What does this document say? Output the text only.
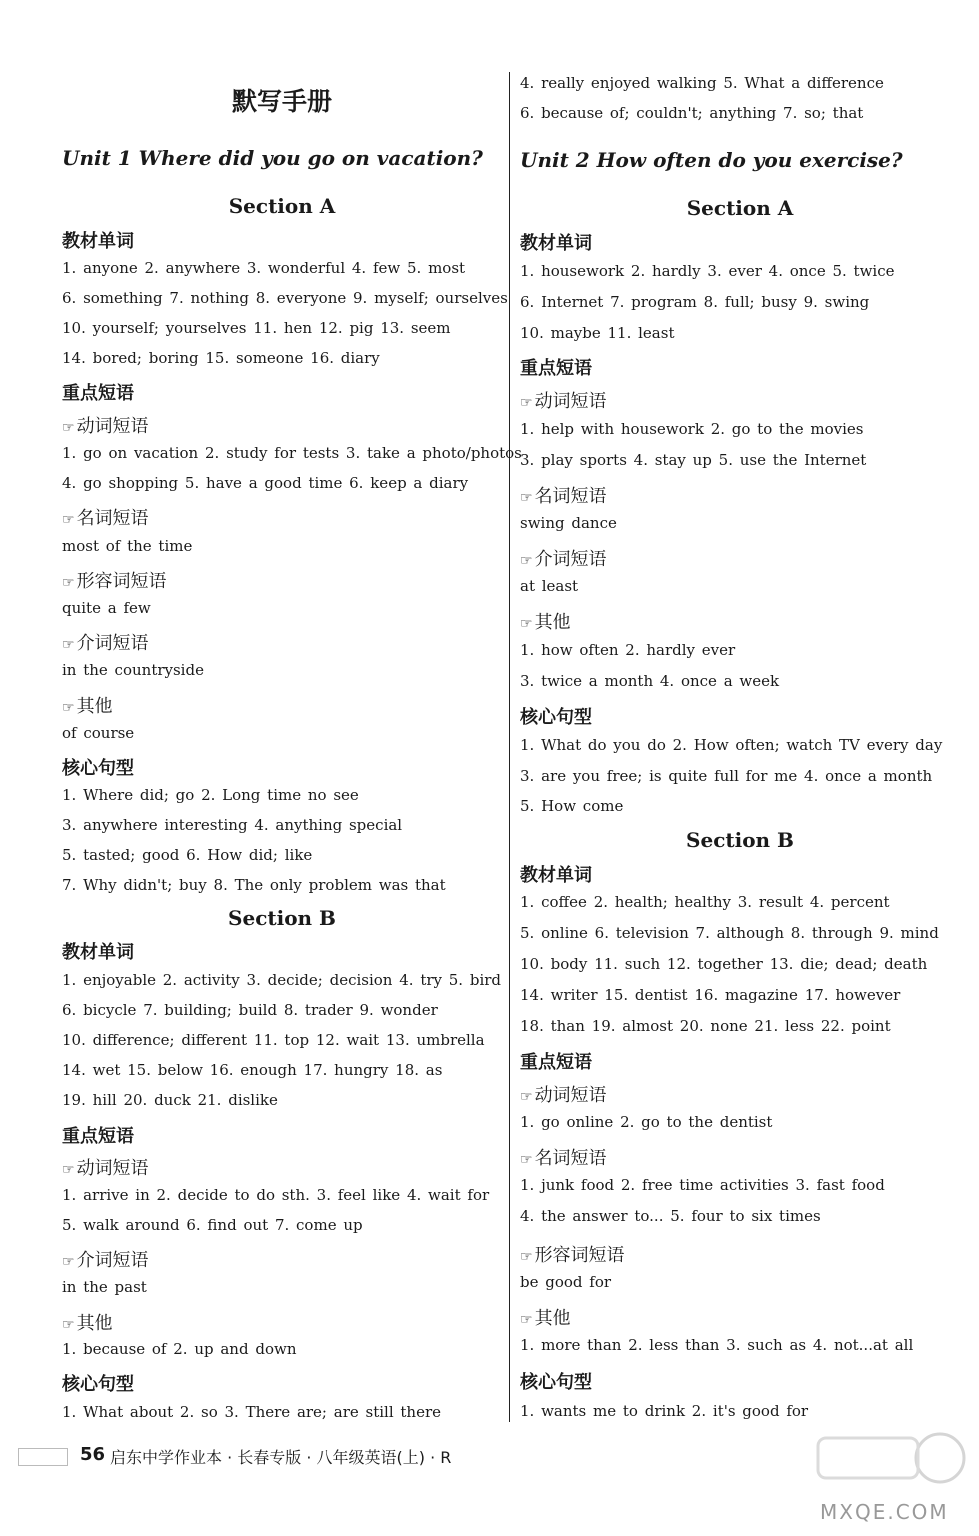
默写手册
Unit 1 Where did you go on vacation?
Section A
教材单词
1. anyone 2. anywhere 3. wonderful 4. few 5. most
6. something 7. nothing 8. everyone 9. myself; ourselves
10. yourself; yourselves 11. hen 12. pig 13. seem
14. bored; boring 15. someone 16. diary
重点短语
☞ 动词短语
1. go on vacation 2. study for tests 3. take a photo/photos
4. go shopping 5. have a good time 6. keep a diary
☞ 名词短语
most of the time
☞ 形容词短语
quite a few
☞ 介词短语
in the countryside
☞ 其他
of course
核心句型
1. Where did; go 2. Long time no see
3. anywhere interesting 4. anything special
5. tasted; good 6. How did; like
7. Why didn't; buy 8. The only problem was that
Section B
教材单词
1. enjoyable 2. activity 3. decide; decision 4. try 5. bird
6. bicycle 7. building; build 8. trader 9. wonder
10. difference; different 11. top 12. wait 13. umbrella
14. wet 15. below 16. enough 17. hungry 18. as
19. hill 20. duck 21. dislike
重点短语
☞ 动词短语
1. arrive in 2. decide to do sth. 3. feel like 4. wait for
5. walk around 6. find out 7. come up
☞ 介词短语
in the past
☞ 其他
1. because of 2. up and down
核心句型
1. What about 2. so 3. There are; are still there
4. really enjoyed walking 5. What a difference
6. because of; couldn't; anything 7. so; that
Unit 2 How often do you exercise?
Section A
教材单词
1. housework 2. hardly 3. ever 4. once 5. twice
6. Internet 7. program 8. full; busy 9. swing
10. maybe 11. least
重点短语
☞ 动词短语
1. help with housework 2. go to the movies
3. play sports 4. stay up 5. use the Internet
☞ 名词短语
swing dance
☞ 介词短语
at least
☞ 其他
1. how often 2. hardly ever
3. twice a month 4. once a week
核心句型
1. What do you do 2. How often; watch TV every day
3. are you free; is quite full for me 4. once a month
5. How come
Section B
教材单词
1. coffee 2. health; healthy 3. result 4. percent
5. online 6. television 7. although 8. through 9. mind
10. body 11. such 12. together 13. die; dead; death
14. writer 15. dentist 16. magazine 17. however
18. than 19. almost 20. none 21. less 22. point
重点短语
☞ 动词短语
1. go online 2. go to the dentist
☞ 名词短语
1. junk food 2. free time activities 3. fast food
4. the answer to... 5. four to six times
☞ 形容词短语
be good for
☞ 其他
1. more than 2. less than 3. such as 4. not...at all
核心句型
1. wants me to drink 2. it's good for
56 启东中学作业本 · 长春专版 · 八年级英语(上) · R
MXQE.COM
